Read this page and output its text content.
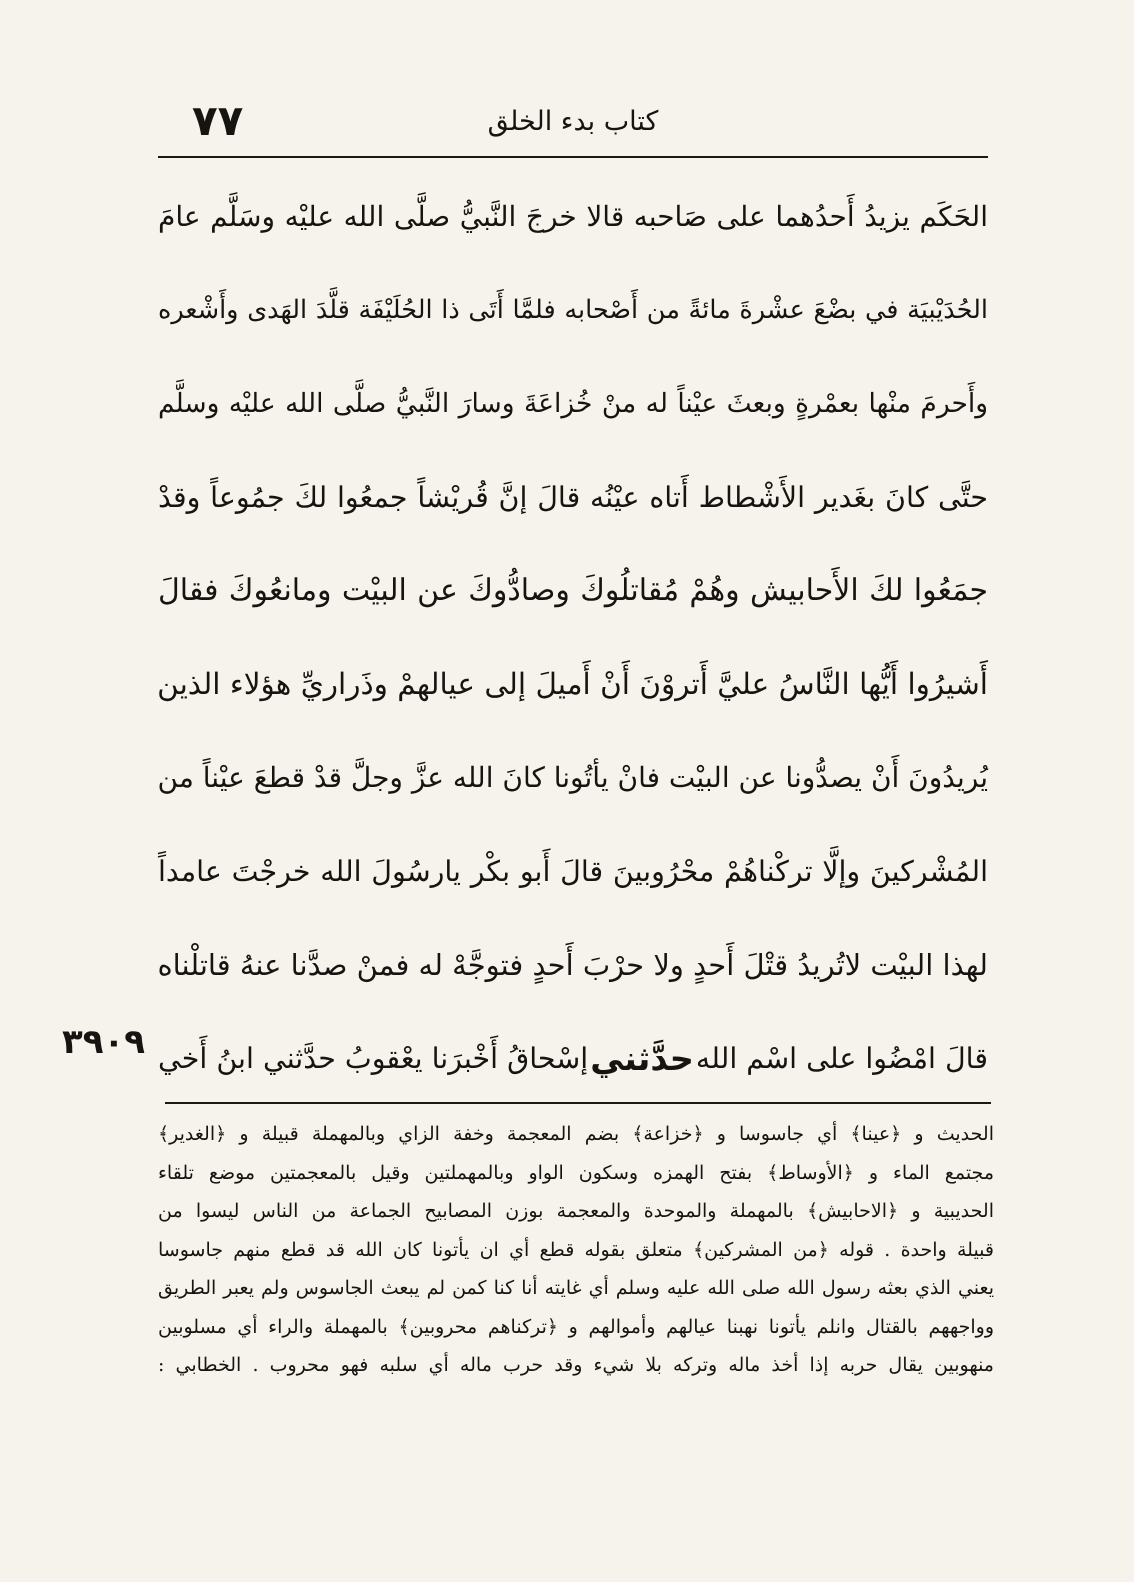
٧٧	كتاب بدء الخلق
الحَكَم يزيدُ أَحدُهما على صَاحبه قالا خرجَ النَّبيُّ صلَّى الله عليْه وسَلَّم عامَ
الحُدَيْبيَة في بضْعَ عشْرةَ مائةً من أَصْحابه فلمَّا أَتَى ذا الحُلَيْفَة قلَّدَ الهَدى وأَشْعره
وأَحرمَ منْها بعمْرةٍ وبعثَ عيْناً له منْ خُزاعَةَ وسارَ النَّبيُّ صلَّى الله عليْه وسلَّم
حتَّى كانَ بغَدير الأَشْطاط أَتاه عيْنُه قالَ إنَّ قُريْشاً جمعُوا لكَ جمُوعاً وقدْ
جمَعُوا لكَ الأَحابيش وهُمْ مُقاتلُوكَ وصادُّوكَ عن البيْت ومانعُوكَ فقالَ
أَشيرُوا أَيُّها النَّاسُ عليَّ أَتروْنَ أَنْ أَميلَ إلى عيالهمْ وذَراريِّ هؤلاء الذين
يُريدُونَ أَنْ يصدُّونا عن البيْت فانْ يأتُونا كانَ الله عزَّ وجلَّ قدْ قطعَ عيْناً من
المُشْركينَ وإلَّا تركْناهُمْ محْرُوبينَ قالَ أَبو بكْر يارسُولَ الله خرجْتَ عامداً
لهذا البيْت لاتُريدُ قتْلَ أَحدٍ ولا حرْبَ أَحدٍ فتوجَّهْ له فمنْ صدَّنا عنهُ قاتلْناه
قالَ امْضُوا على اسْم الله
حدَّثني
إسْحاقُ أَخْبرَنا يعْقوبُ حدَّثني ابنُ أَخي
٣٩٠٩
الحديث و ﴿عينا﴾ أي جاسوسا و ﴿خزاعة﴾ بضم المعجمة وخفة الزاي وبالمهملة قبيلة و ﴿الغدير﴾
مجتمع الماء و ﴿الأوساط﴾ بفتح الهمزه وسكون الواو وبالمهملتين وقيل بالمعجمتين موضع تلقاء
الحديبية و ﴿الاحابيش﴾ بالمهملة والموحدة والمعجمة بوزن المصابيح الجماعة من الناس ليسوا من
قبيلة واحدة . قوله ﴿من المشركين﴾ متعلق بقوله قطع أي ان يأتونا كان الله قد قطع منهم جاسوسا
يعني الذي بعثه رسول الله صلى الله عليه وسلم أي غايته أنا كنا كمن لم يبعث الجاسوس ولم يعبر الطريق
وواجههم بالقتال وانلم يأتونا نهبنا عيالهم وأموالهم و ﴿تركناهم محروبين﴾ بالمهملة والراء أي مسلوبين
منهوبين يقال حربه إذا أخذ ماله وتركه بلا شيء وقد حرب ماله أي سلبه فهو محروب . الخطابي :
